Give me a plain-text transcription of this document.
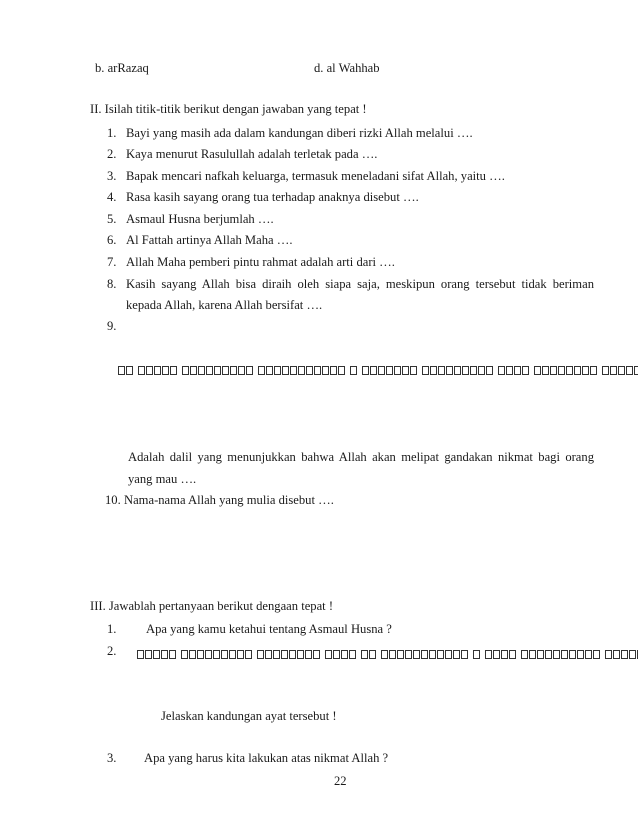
b. arRazaq	d. al Wahhab
II. Isilah titik-titik berikut dengan jawaban yang tepat !
1. Bayi yang masih ada dalam kandungan diberi rizki Allah melalui ….
2. Kaya menurut Rasulullah adalah terletak pada ….
3. Bapak mencari nafkah keluarga, termasuk meneladani sifat Allah, yaitu ….
4. Rasa kasih sayang orang tua terhadap anaknya disebut ….
5. Asmaul Husna berjumlah ….
6. Al Fattah artinya Allah Maha ….
7. Allah Maha pemberi pintu rahmat adalah arti dari ….
8. Kasih sayang Allah bisa diraih oleh siapa saja, meskipun orang tersebut tidak beriman
kepada Allah, karena Allah bersifat ….
9.
Adalah dalil yang menunjukkan bahwa Allah akan melipat gandakan nikmat bagi orang
yang mau ….
10. Nama-nama Allah yang mulia disebut ….
III. Jawablah pertanyaan berikut dengaan tepat !
1. Apa yang kamu ketahui tentang Asmaul Husna ?
2.
Jelaskan kandungan ayat tersebut !
3. Apa yang harus kita lakukan atas nikmat Allah ?
22
